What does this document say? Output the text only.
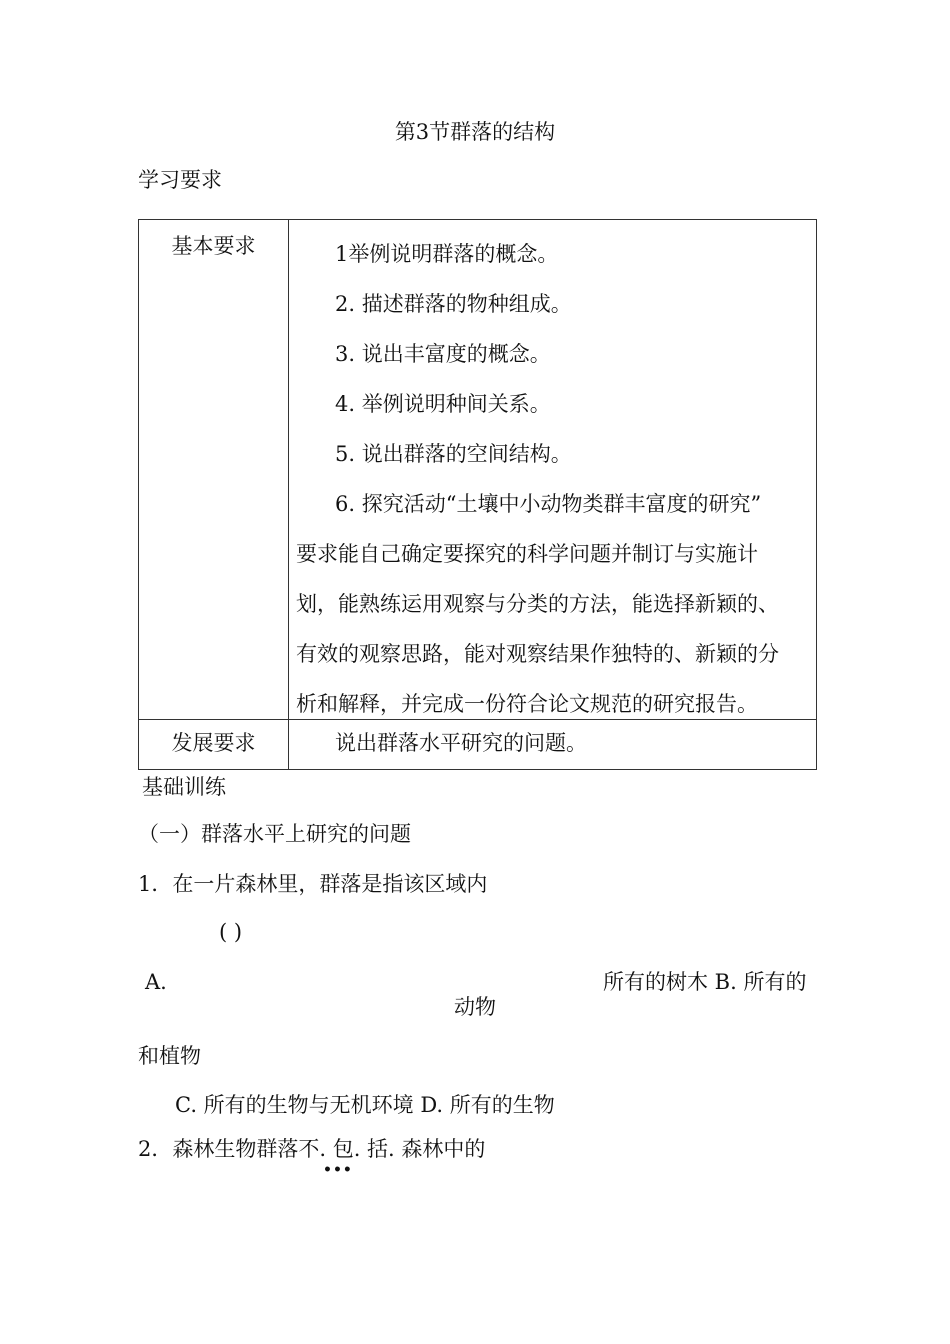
第3节群落的结构
学习要求
基本要求	1举例说明群落的概念。
2. 描述群落的物种组成。
3. 说出丰富度的概念。
4. 举例说明种间关系。
5. 说出群落的空间结构。
6. 探究活动“土壤中小动物类群丰富度的研究”
要求能自己确定要探究的科学问题并制订与实施计
划，能熟练运用观察与分类的方法，能选择新颖的、
有效的观察思路，能对观察结果作独特的、新颖的分
析和解释，并完成一份符合论文规范的研究报告。
发展要求	说出群落水平研究的问题。
基础训练
（一）群落水平上研究的问题
1．在一片森林里，群落是指该区域内
( )
A.	所有的树木 B. 所有的
动物
和植物
C. 所有的生物与无机环境 D. 所有的生物
2．森林生物群落不. 包. 括. 森林中的
•••
